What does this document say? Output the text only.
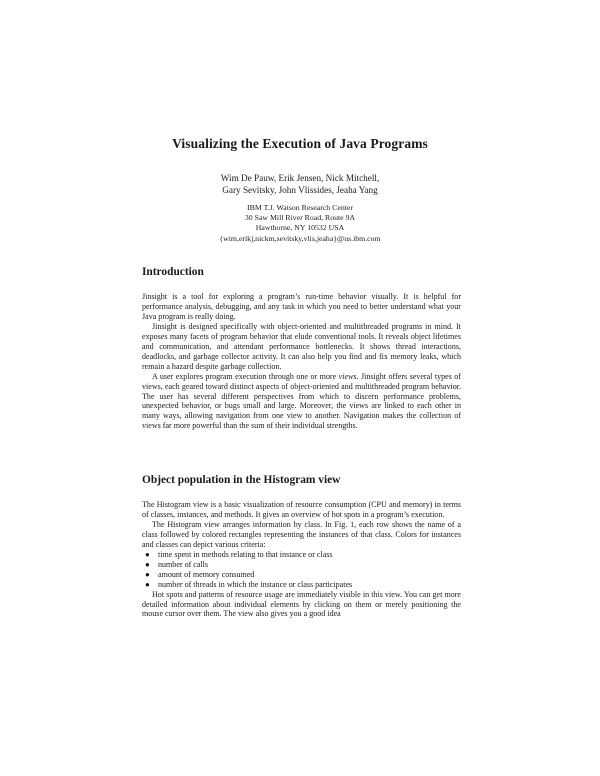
Visualizing the Execution of Java Programs
Wim De Pauw, Erik Jensen, Nick Mitchell,
Gary Sevitsky, John Vlissides, Jeaha Yang
IBM T.J. Watson Research Center
30 Saw Mill River Road, Route 9A
Hawthorne, NY 10532 USA
{wim,erikj,nickm,sevitsky,vlis,jeaha}@us.ibm.com
Introduction

Jinsight is a tool for exploring a program’s run-time behavior visually. It is helpful for performance analysis, debugging, and any task in which you need to better understand what your Java program is really doing.

Jinsight is designed specifically with object-oriented and multithreaded programs in mind. It exposes many facets of program behavior that elude conventional tools. It reveals object lifetimes and communication, and attendant performance bottlenecks. It shows thread interactions, deadlocks, and garbage collector activity. It can also help you find and fix memory leaks, which remain a hazard despite garbage collection.

A user explores program execution through one or more views. Jinsight offers several types of views, each geared toward distinct aspects of object-oriented and multithreaded program behavior. The user has several different perspectives from which to discern performance problems, unexpected behavior, or bugs small and large. Moreover, the views are linked to each other in many ways, allowing navigation from one view to another. Navigation makes the collection of views far more powerful than the sum of their individual strengths.

Object population in the Histogram view

The Histogram view is a basic visualization of resource consumption (CPU and memory) in terms of classes, instances, and methods. It gives an overview of hot spots in a program’s execution.

The Histogram view arranges information by class. In Fig. 1, each row shows the name of a class followed by colored rectangles representing the instances of that class. Colors for instances and classes can depict various criteria:

● time spent in methods relating to that instance or class
● number of calls
● amount of memory consumed
● number of threads in which the instance or class participates

Hot spots and patterns of resource usage are immediately visible in this view. You can get more detailed information about individual elements by clicking on them or merely positioning the mouse cursor over them. The view also gives you a good idea
